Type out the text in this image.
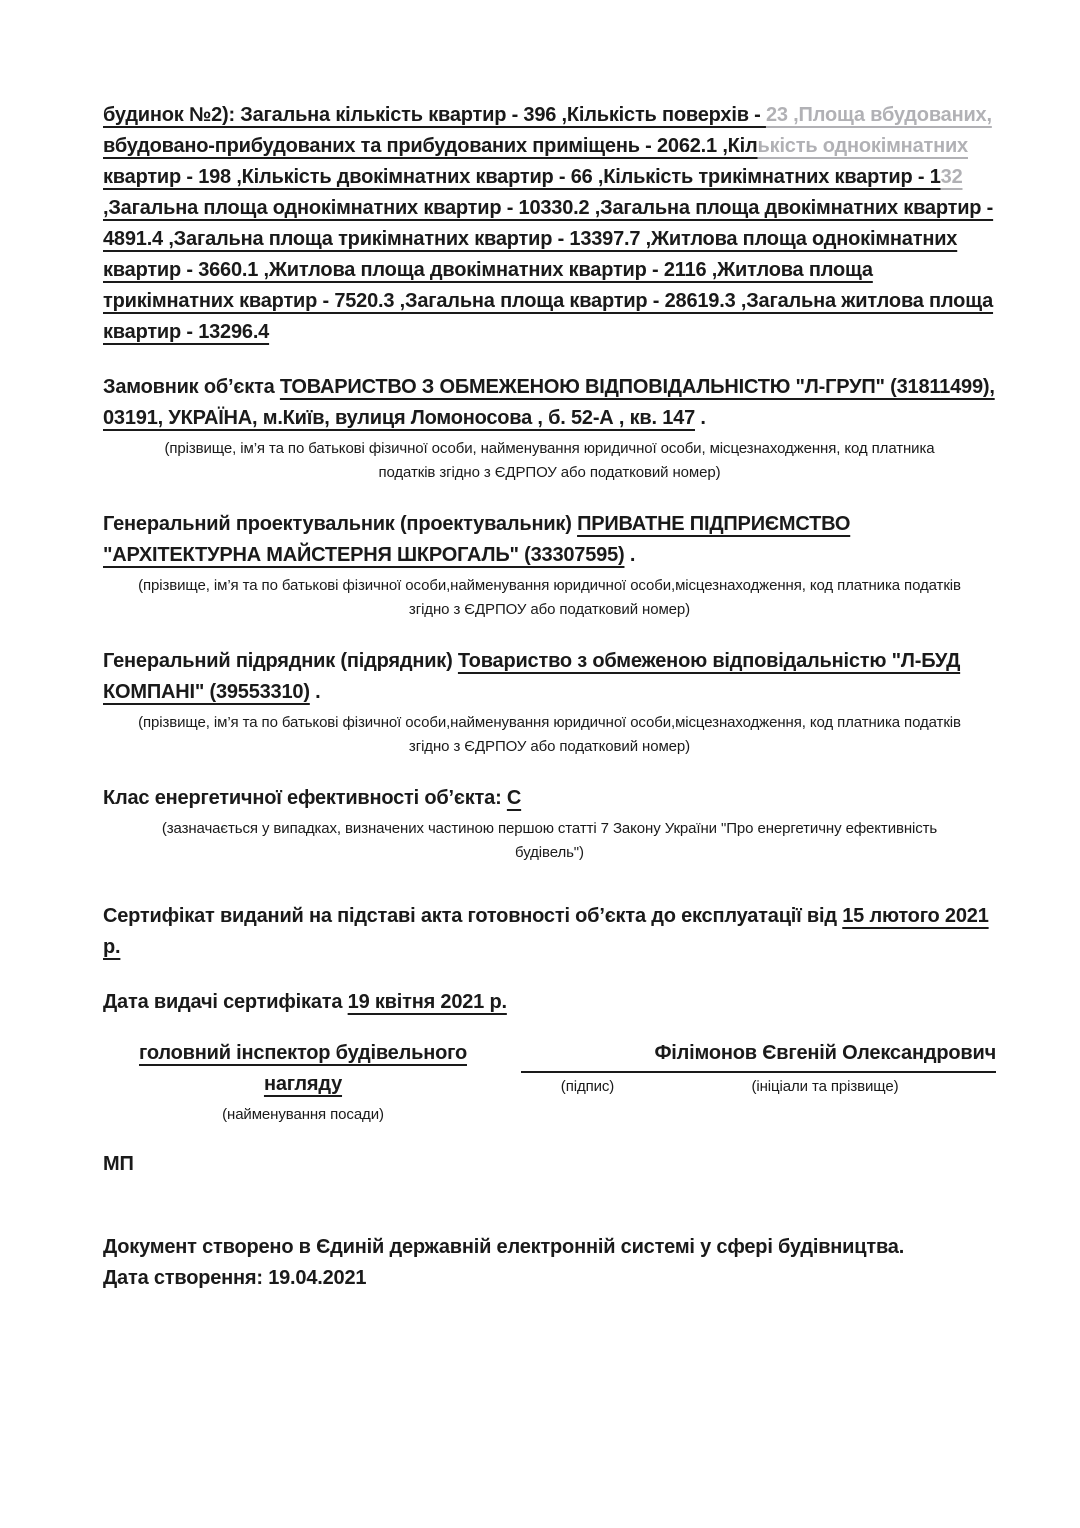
будинок №2): Загальна кількість квартир - 396 ,Кількість поверхів - 23 ,Площа вбудованих, вбудовано-прибудованих та прибудованих приміщень - 2062.1 ,Кількість однокімнатних квартир - 198 ,Кількість двокімнатних квартир - 66 ,Кількість трикімнатних квартир - 132 ,Загальна площа однокімнатних квартир - 10330.2 ,Загальна площа двокімнатних квартир - 4891.4 ,Загальна площа трикімнатних квартир - 13397.7 ,Житлова площа однокімнатних квартир - 3660.1 ,Житлова площа двокімнатних квартир - 2116 ,Житлова площа трикімнатних квартир - 7520.3 ,Загальна площа квартир - 28619.3 ,Загальна житлова площа квартир - 13296.4

Замовник об’єкта ТОВАРИСТВО З ОБМЕЖЕНОЮ ВІДПОВІДАЛЬНІСТЮ "Л-ГРУП" (31811499), 03191, УКРАЇНА, м.Київ, вулиця Ломоносова , б. 52-А , кв. 147 .

(прізвище, ім’я та по батькові фізичної особи, найменування юридичної особи, місцезнаходження, код платника податків згідно з ЄДРПОУ або податковий номер)

Генеральний проектувальник (проектувальник) ПРИВАТНЕ ПІДПРИЄМСТВО "АРХІТЕКТУРНА МАЙСТЕРНЯ ШКРОГАЛЬ" (33307595) .

(прізвище, ім’я та по батькові фізичної особи,найменування юридичної особи,місцезнаходження, код платника податків згідно з ЄДРПОУ або податковий номер)

Генеральний підрядник (підрядник) Товариство з обмеженою відповідальністю "Л-БУД КОМПАНІ" (39553310) .

(прізвище, ім’я та по батькові фізичної особи,найменування юридичної особи,місцезнаходження, код платника податків згідно з ЄДРПОУ або податковий номер)

Клас енергетичної ефективності об’єкта: С

(зазначається у випадках, визначених частиною першою статті 7 Закону України "Про енергетичну ефективність будівель")

Сертифікат виданий на підставі акта готовності об’єкта до експлуатації від 15 лютого 2021 р.

Дата видачі сертифіката 19 квітня 2021 р.

головний інспектор будівельного нагляду
(найменування посади)
Філімонов Євгеній Олександрович
(підпис)	(ініціали та прізвище)
МП
Документ створено в Єдиній державній електронній системі у сфері будівництва.
Дата створення: 19.04.2021
